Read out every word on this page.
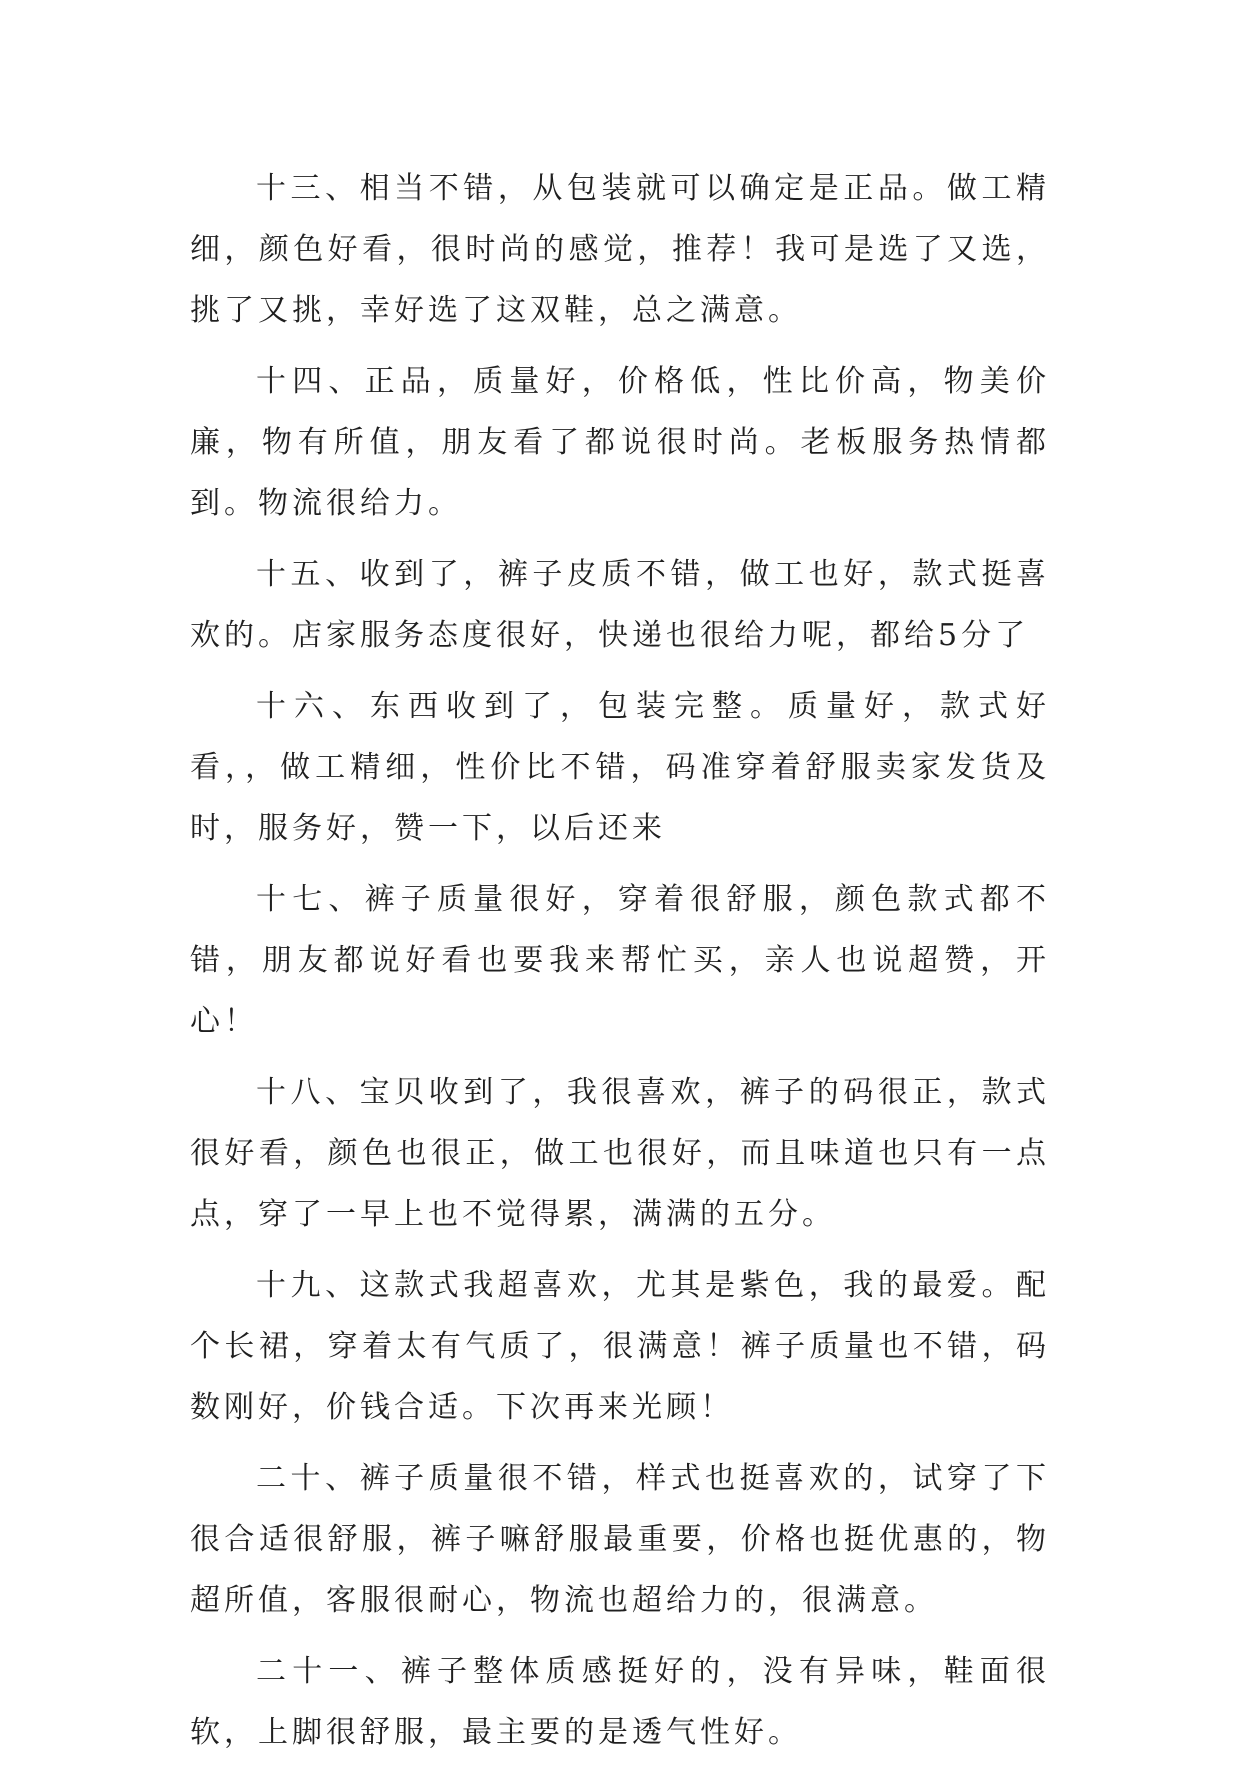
十三、相当不错，从包装就可以确定是正品。做工精细，颜色好看，很时尚的感觉，推荐！我可是选了又选，挑了又挑，幸好选了这双鞋，总之满意。

十四、正品，质量好，价格低，性比价高，物美价廉，物有所值，朋友看了都说很时尚。老板服务热情都到。物流很给力。

十五、收到了，裤子皮质不错，做工也好，款式挺喜欢的。店家服务态度很好，快递也很给力呢，都给5分了

十六、东西收到了，包装完整。质量好，款式好看，，做工精细，性价比不错，码准穿着舒服卖家发货及时，服务好，赞一下，以后还来

十七、裤子质量很好，穿着很舒服，颜色款式都不错，朋友都说好看也要我来帮忙买，亲人也说超赞，开心！

十八、宝贝收到了，我很喜欢，裤子的码很正，款式很好看，颜色也很正，做工也很好，而且味道也只有一点点，穿了一早上也不觉得累，满满的五分。

十九、这款式我超喜欢，尤其是紫色，我的最爱。配个长裙，穿着太有气质了，很满意！裤子质量也不错，码数刚好，价钱合适。下次再来光顾！

二十、裤子质量很不错，样式也挺喜欢的，试穿了下很合适很舒服，裤子嘛舒服最重要，价格也挺优惠的，物超所值，客服很耐心，物流也超给力的，很满意。

二十一、裤子整体质感挺好的，没有异味，鞋面很软，上脚很舒服，最主要的是透气性好。
